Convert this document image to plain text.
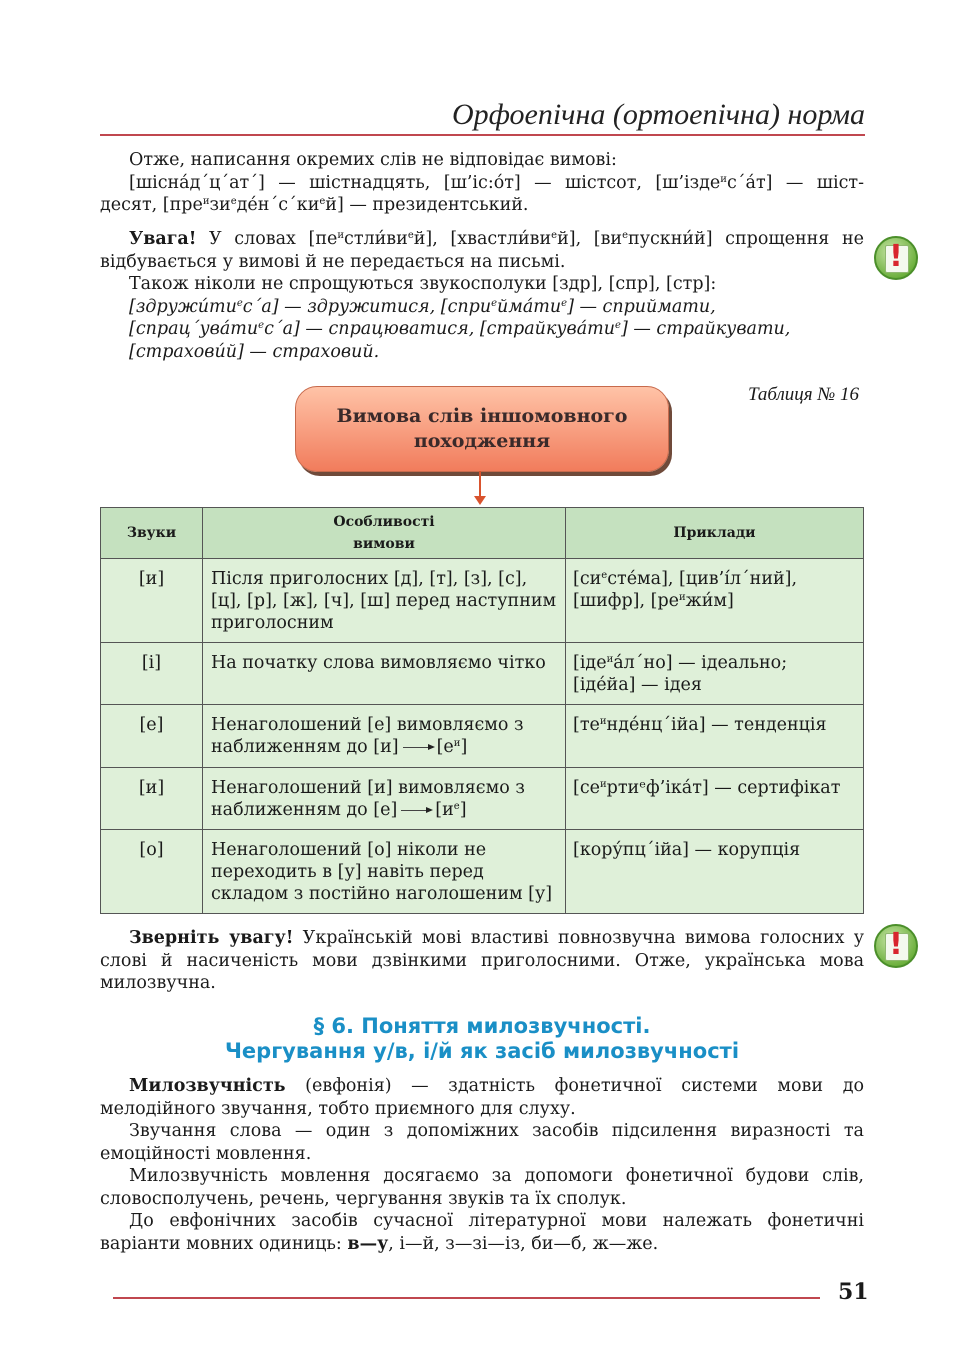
Орфоепічна (ортоепічна) норма

Отже, написання окремих слів не відповідає вимові:

[шісна́д´ц´ат´] — шістнадцять, [ш’іс:о́т] — шістсот, [ш’ізде$^и$с´а́т] — шіст- десят, $[пре^изи^еде́н´с´ки^ей]$ — президентський.

Увага! У словах $[пе^истли́ви^ей]$, $[хвастли́ви^ей]$, $[ви^епускни́й]$ спрощення не відбувається у вимові й не передається на письмі.

Також ніколи не спрощуються звукосполуки [здр], [спр], [стр]:

$[здружи́ти^ес´а]$ — здружитися, $[спри^ейма́ти^е]$ — сприймати,

$[спрац´ува́ти^ес´а]$ — спрацюватися, $[страйкува́ти^е]$ — страйкувати,

[страхови́й] — страховий.

!
Таблиця № 16
Вимова слів іншомовного походження
Звуки	Особливості вимови	Приклади
[и]	Після приголосних [д], [т], [з], [с], [ц], [р], [ж], [ч], [ш] перед наступним приголосним	$[си^есте́ма]$, [цив’і́л´ний],
[шифр], $[ре^ижи́м]$
[і]	На початку слова вимовляємо чітко	[іде$^и$а́л´но] — ідеально;
[іде́йа] — ідея
[е]	Ненаголошений [е] вимовляємо з наближенням до [и] $[е^и]$	$[те^инде́нц´ійа]$ — тенденція
[и]	Ненаголошений [и] вимовляємо з наближенням до [е] $[и^е]$	$[се^иртиᵉф’іка́т]$ — сертифікат
[о]	Ненаголошений [о] ніколи не переходить в [у] навіть перед складом з постійно наголошеним [у]	[кору́пц´ійа] — корупція

Зверніть увагу! Українській мові властиві повнозвучна вимова голосних у слові й насиченість мови дзвінкими приголосними. Отже, українська мова милозвучна.

!
§ 6. Поняття милозвучності.
Чергування у/в, і/й як засіб милозвучності

Милозвучність (евфонія) — здатність фонетичної системи мови до мелодійного звучання, тобто приємного для слуху.

Звучання слова — один з допоміжних засобів підсилення виразності та емоційності мовлення.

Милозвучність мовлення досягаємо за допомоги фонетичної будови слів, словосполучень, речень, чергування звуків та їх сполук.

До евфонічних засобів сучасної літературної мови належать фонетичні варіанти мовних одиниць: в—у, і—й, з—зі—із, би—б, ж—же.

51
